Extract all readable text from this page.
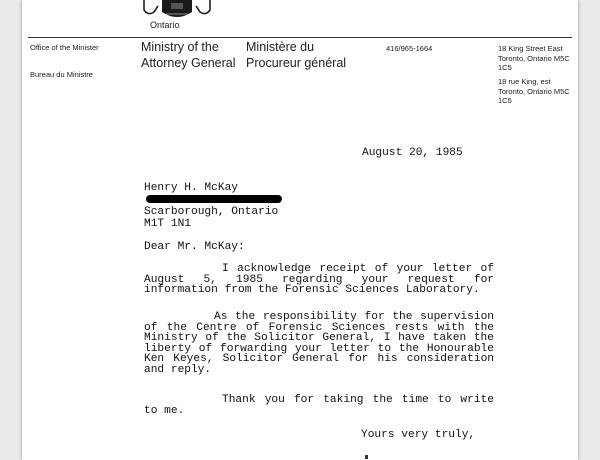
Ontario
Office of the Minister
Bureau du Ministre
Ministry of the Attorney General
Ministère du Procureur général
416/965-1664	18 King Street East Toronto, Ontario M5C 1C5
18 rue King, est Toronto, Ontario M5C 1C5
August 20, 1985
Henry H. McKay
Scarborough, Ontario
M1T 1N1
Dear Mr. McKay:
I acknowledge receipt of your letter of August 5, 1985 regarding your request for information from the Forensic Sciences Laboratory.
As the responsibility for the supervision of the Centre of Forensic Sciences rests with the Ministry of the Solicitor General, I have taken the liberty of forwarding your letter to the Honourable Ken Keyes, Solicitor General for his consideration and reply.
Thank you for taking the time to write to me.
Yours very truly,
